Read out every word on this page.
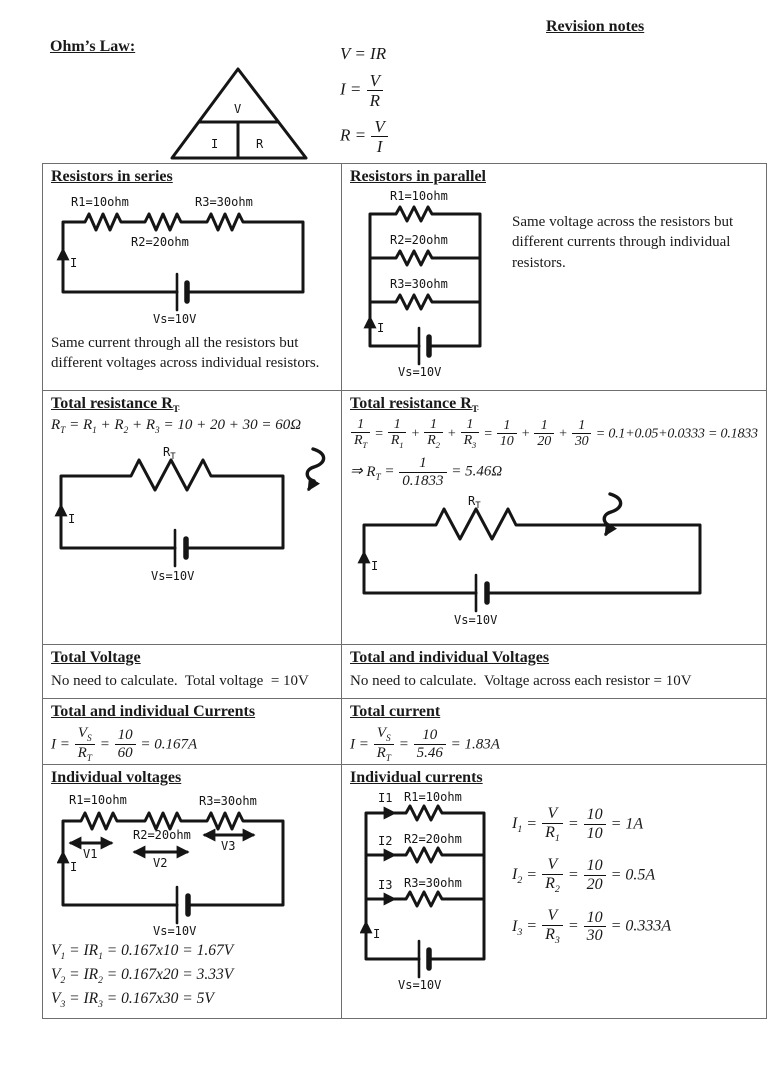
Revision notes
Ohm’s Law:
V
I	R
V = IR
$I = \frac{V}{R}$
$R = \frac{V}{I}$
Resistors in series
R1=10ohm	R3=30ohm
R2=20ohm
Vs=10V
I
Same current through all the resistors but different voltages across individual resistors.

Resistors in parallel
R1=10ohm
R2=20ohm
R3=30ohm
Vs=10V
I
Same voltage across the resistors but different currents through individual resistors.

Total resistance $R_T$
$R_T = R_1 + R_2 + R_3 = 10 + 20 + 30 = 60\Omega$
$R_T$
Vs=10V
I

Total resistance $R_T$
$\frac{1}{R_T} = \frac{1}{R_1} + \frac{1}{R_2} + \frac{1}{R_3} = \frac{1}{10} + \frac{1}{20} + \frac{1}{30} = 0.1+0.05+0.0333 = 0.1833$
⇒ $R_T = \frac{1}{0.1833} = 5.46\Omega$
$R_T$
Vs=10V
I

Total Voltage
No need to calculate.  Total voltage  = 10V

Total and individual Voltages
No need to calculate.  Voltage across each resistor = 10V

Total and individual Currents
$I = \frac{V_S}{R_T} = \frac{10}{60} = 0.167A$

Total current
$I = \frac{V_S}{R_T} = \frac{10}{5.46} = 1.83A$

Individual voltages
R1=10ohm	R3=30ohm
R2=20ohm
V1
V2
V3
Vs=10V
I
$V_1 = IR_1 = 0.167x10 = 1.67V$
$V_2 = IR_2 = 0.167x20 = 3.33V$
$V_3 = IR_3 = 0.167x30 = 5V$

Individual currents
I1 R1=10ohm
I2 R2=20ohm
I3 R3=30ohm
Vs=10V
I
$I_1 = \frac{V}{R_1} = \frac{10}{10} = 1A$
$I_2 = \frac{V}{R_2} = \frac{10}{20} = 0.5A$
$I_3 = \frac{V}{R_3} = \frac{10}{30} = 0.333A$
